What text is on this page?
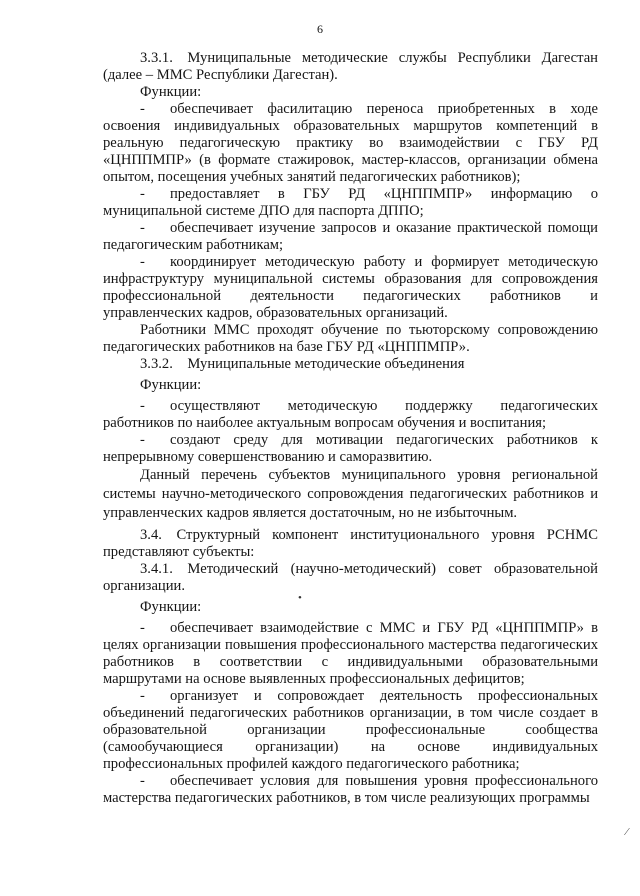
6

3.3.1. Муниципальные методические службы Республики Дагестан (далее – ММС Республики Дагестан).

Функции:

- обеспечивает фасилитацию переноса приобретенных в ходе освоения индивидуальных образовательных маршрутов компетенций в реальную педагогическую практику во взаимодействии с ГБУ РД «ЦНППМПР» (в формате стажировок, мастер-классов, организации обмена опытом, посещения учебных занятий педагогических работников);

- предоставляет в ГБУ РД «ЦНППМПР» информацию о муниципальной системе ДПО для паспорта ДППО;

- обеспечивает изучение запросов и оказание практической помощи педагогическим работникам;

- координирует методическую работу и формирует методическую инфраструктуру муниципальной системы образования для сопровождения профессиональной деятельности педагогических работников и управленческих кадров, образовательных организаций.

Работники ММС проходят обучение по тьюторскому сопровождению педагогических работников на базе ГБУ РД «ЦНППМПР».

3.3.2. Муниципальные методические объединения

Функции:

- осуществляют методическую поддержку педагогических работников по наиболее актуальным вопросам обучения и воспитания;

- создают среду для мотивации педагогических работников к непрерывному совершенствованию и саморазвитию.

Данный перечень субъектов муниципального уровня региональной системы научно-методического сопровождения педагогических работников и управленческих кадров является достаточным, но не избыточным.

3.4. Структурный компонент институционального уровня РСНМС представляют субъекты:

3.4.1. Методический (научно-методический) совет образовательной организации.

Функции:

- обеспечивает взаимодействие с ММС и ГБУ РД «ЦНППМПР» в целях организации повышения профессионального мастерства педагогических работников в соответствии с индивидуальными образовательными маршрутами на основе выявленных профессиональных дефицитов;

- организует и сопровождает деятельность профессиональных объединений педагогических работников организации, в том числе создает в образовательной организации профессиональные сообщества (самообучающиеся организации) на основе индивидуальных профессиональных профилей каждого педагогического работника;

- обеспечивает условия для повышения уровня профессионального мастерства педагогических работников, в том числе реализующих программы

•
⁄
